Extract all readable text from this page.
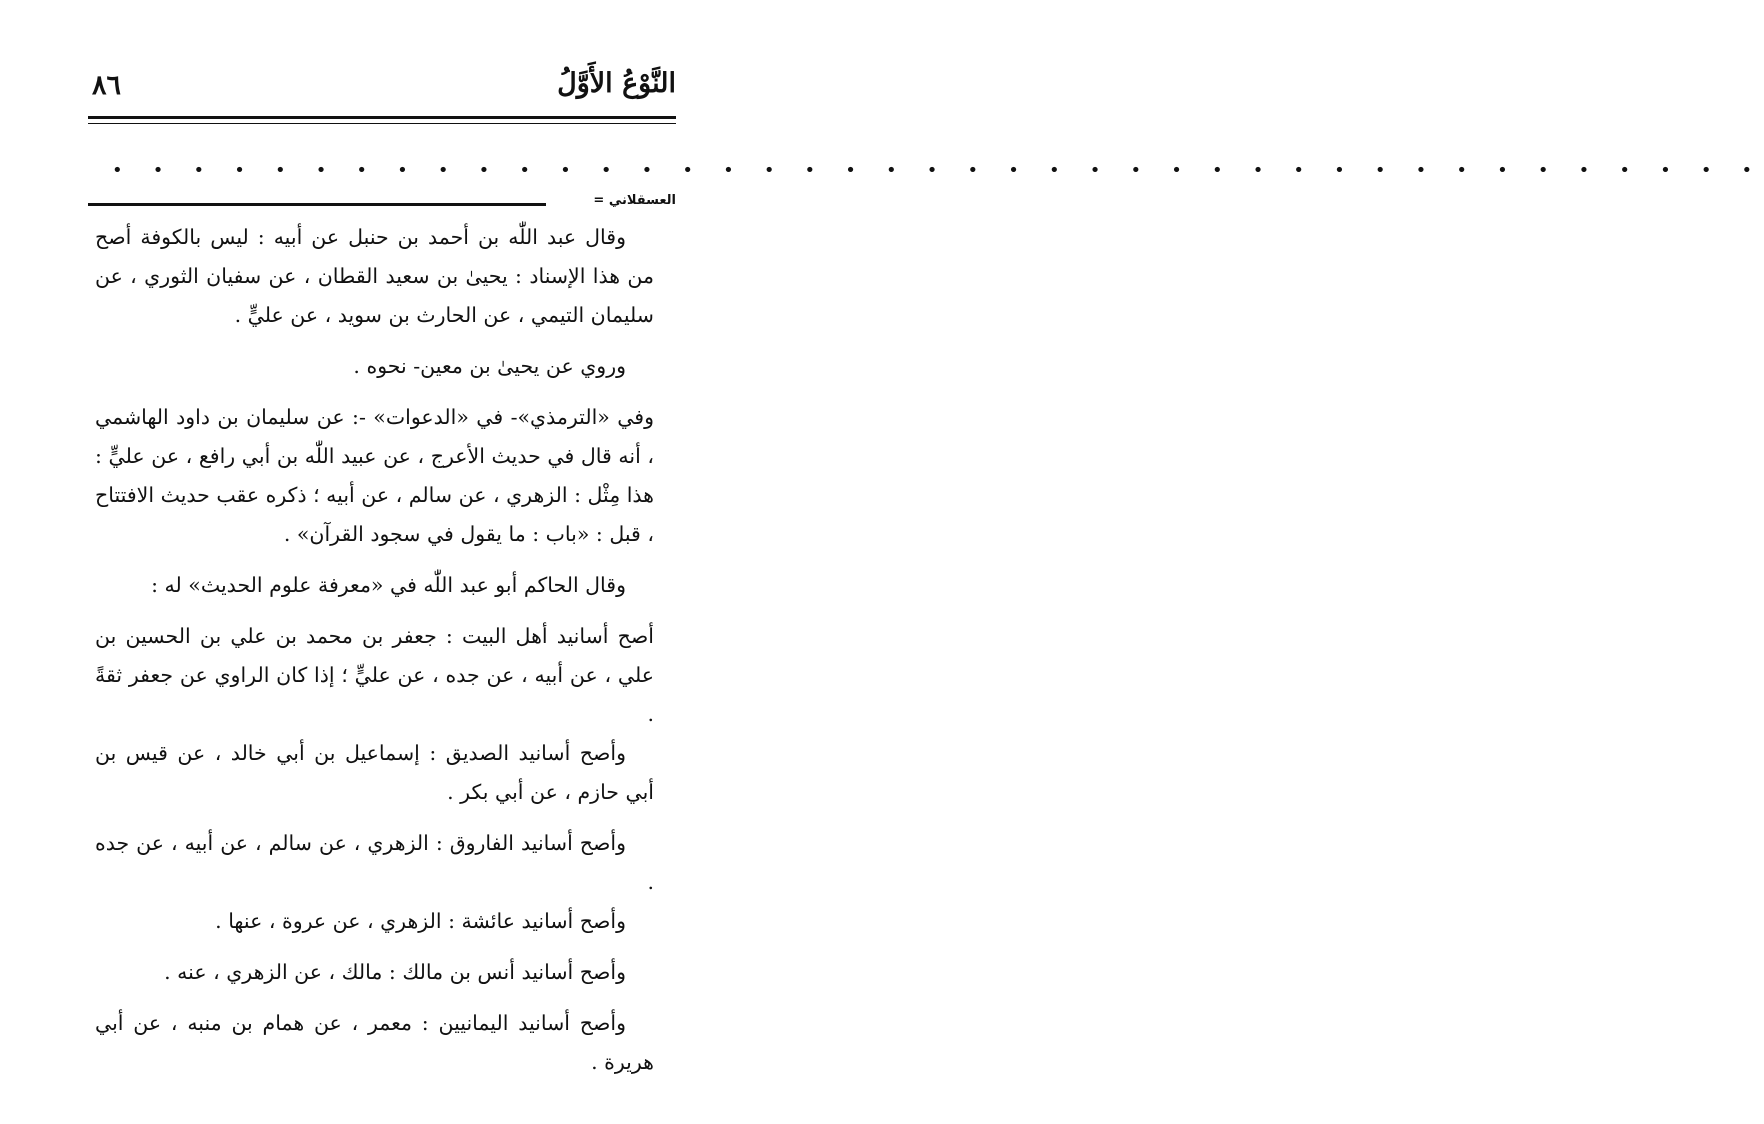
النَّوْعُ الأَوَّلُ
٨٦
• • • • • • • • • • • • • • • • • • • • • • • • • • • • • • • • • • • • • • • • •
العسقلاني =

وقال عبد اللّٰه بن أحمد بن حنبل عن أبيه : ليس بالكوفة أصح من هذا الإسناد : يحيىٰ بن سعيد القطان ، عن سفيان الثوري ، عن سليمان التيمي ، عن الحارث بن سويد ، عن عليٍّ .

وروي عن يحيىٰ بن معين- نحوه .

وفي «الترمذي»- في «الدعوات» -: عن سليمان بن داود الهاشمي ، أنه قال في حديث الأعرج ، عن عبيد اللّٰه بن أبي رافع ، عن عليٍّ : هذا مِثْل : الزهري ، عن سالم ، عن أبيه ؛ ذكره عقب حديث الافتتاح ، قبل : «باب : ما يقول في سجود القرآن» .

وقال الحاكم أبو عبد اللّٰه في «معرفة علوم الحديث» له :

أصح أسانيد أهل البيت : جعفر بن محمد بن علي بن الحسين بن علي ، عن أبيه ، عن جده ، عن عليٍّ ؛ إذا كان الراوي عن جعفر ثقةً .

وأصح أسانيد الصديق : إسماعيل بن أبي خالد ، عن قيس بن أبي حازم ، عن أبي بكر .

وأصح أسانيد الفاروق : الزهري ، عن سالم ، عن أبيه ، عن جده .

وأصح أسانيد عائشة : الزهري ، عن عروة ، عنها .

وأصح أسانيد أنس بن مالك : مالك ، عن الزهري ، عنه .

وأصح أسانيد اليمانيين : معمر ، عن همام بن منبه ، عن أبي هريرة .
